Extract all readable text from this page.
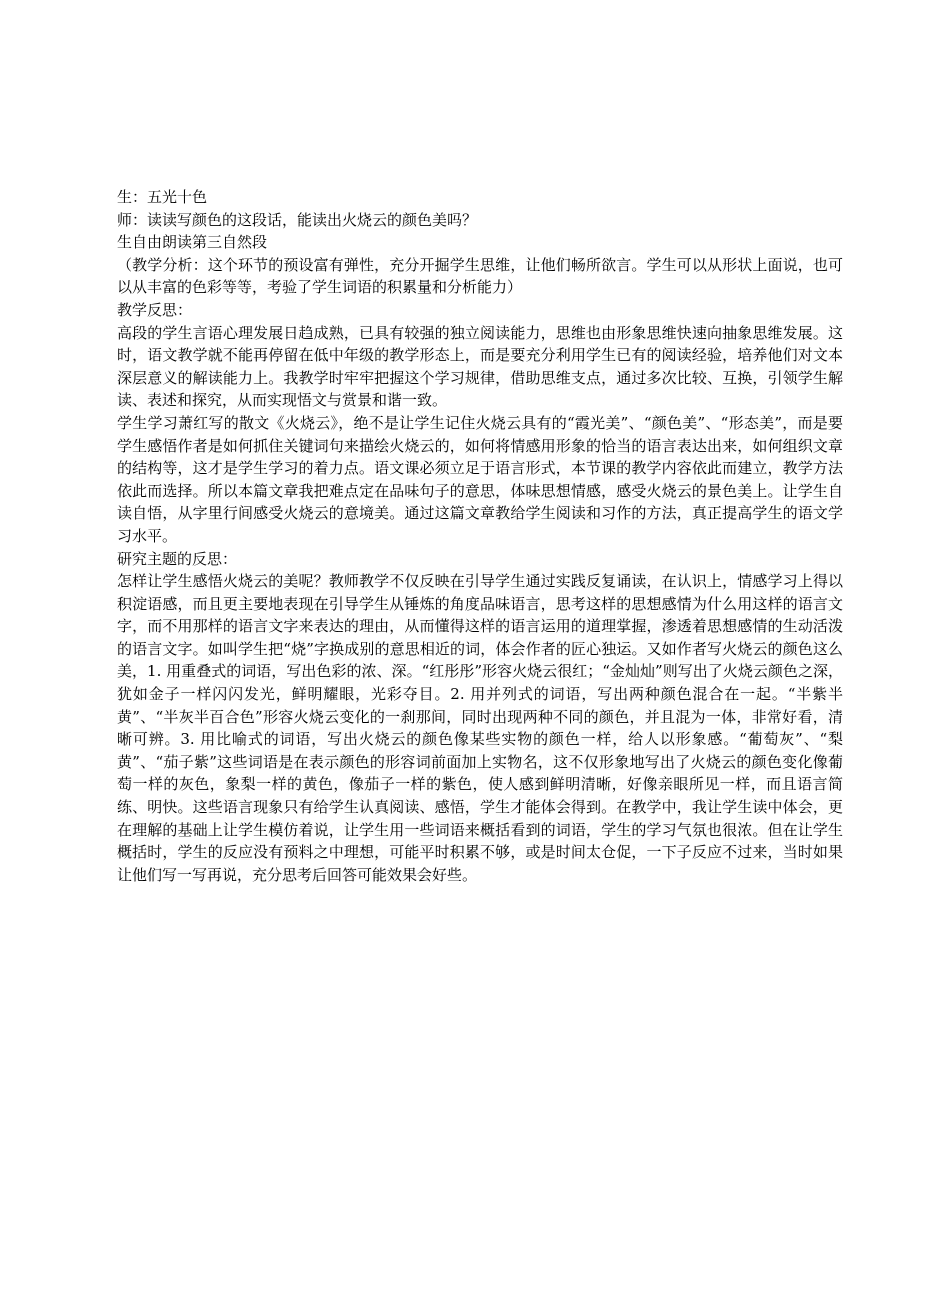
生：五光十色

师：读读写颜色的这段话，能读出火烧云的颜色美吗？

生自由朗读第三自然段

（教学分析：这个环节的预设富有弹性，充分开掘学生思维，让他们畅所欲言。学生可以从形状上面说，也可以从丰富的色彩等等，考验了学生词语的积累量和分析能力）

教学反思：

高段的学生言语心理发展日趋成熟，已具有较强的独立阅读能力，思维也由形象思维快速向抽象思维发展。这时，语文教学就不能再停留在低中年级的教学形态上，而是要充分利用学生已有的阅读经验，培养他们对文本深层意义的解读能力上。我教学时牢牢把握这个学习规律，借助思维支点，通过多次比较、互换，引领学生解读、表述和探究，从而实现悟文与赏景和谐一致。

学生学习萧红写的散文《火烧云》，绝不是让学生记住火烧云具有的“霞光美”、“颜色美”、“形态美”，而是要学生感悟作者是如何抓住关键词句来描绘火烧云的，如何将情感用形象的恰当的语言表达出来，如何组织文章的结构等，这才是学生学习的着力点。语文课必须立足于语言形式，本节课的教学内容依此而建立，教学方法依此而选择。所以本篇文章我把难点定在品味句子的意思，体味思想情感，感受火烧云的景色美上。让学生自读自悟，从字里行间感受火烧云的意境美。通过这篇文章教给学生阅读和习作的方法，真正提高学生的语文学习水平。

研究主题的反思：

怎样让学生感悟火烧云的美呢？教师教学不仅反映在引导学生通过实践反复诵读，在认识上，情感学习上得以积淀语感，而且更主要地表现在引导学生从锤炼的角度品味语言，思考这样的思想感情为什么用这样的语言文字，而不用那样的语言文字来表达的理由，从而懂得这样的语言运用的道理掌握，渗透着思想感情的生动活泼的语言文字。如叫学生把“烧”字换成别的意思相近的词，体会作者的匠心独运。又如作者写火烧云的颜色这么美，1. 用重叠式的词语，写出色彩的浓、深。“红彤彤”形容火烧云很红；“金灿灿”则写出了火烧云颜色之深，犹如金子一样闪闪发光，鲜明耀眼，光彩夺目。2. 用并列式的词语，写出两种颜色混合在一起。“半紫半黄”、“半灰半百合色”形容火烧云变化的一刹那间，同时出现两种不同的颜色，并且混为一体，非常好看，清晰可辨。3. 用比喻式的词语，写出火烧云的颜色像某些实物的颜色一样，给人以形象感。“葡萄灰”、“梨黄”、“茄子紫”这些词语是在表示颜色的形容词前面加上实物名，这不仅形象地写出了火烧云的颜色变化像葡萄一样的灰色，象梨一样的黄色，像茄子一样的紫色，使人感到鲜明清晰，好像亲眼所见一样，而且语言简练、明快。这些语言现象只有给学生认真阅读、感悟，学生才能体会得到。在教学中，我让学生读中体会，更在理解的基础上让学生模仿着说，让学生用一些词语来概括看到的词语，学生的学习气氛也很浓。但在让学生概括时，学生的反应没有预料之中理想，可能平时积累不够，或是时间太仓促，一下子反应不过来，当时如果让他们写一写再说，充分思考后回答可能效果会好些。
